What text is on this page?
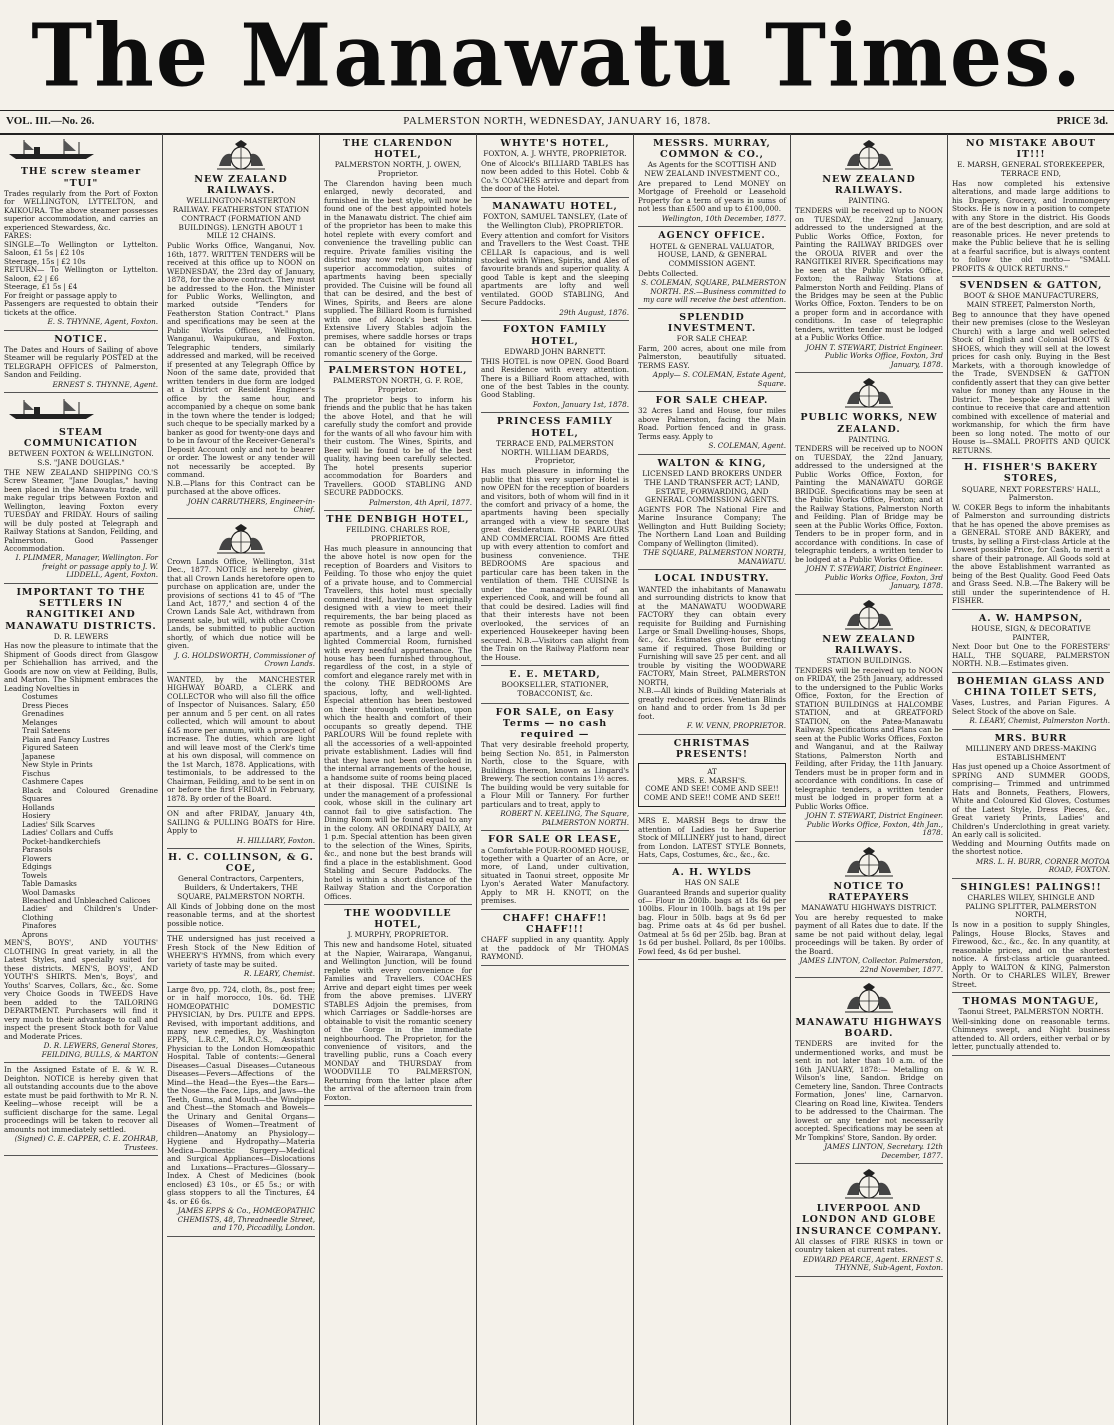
The Manawatu Times.
VOL. III.—No. 26.	PALMERSTON NORTH, WEDNESDAY, JANUARY 16, 1878.	PRICE 3d.
THE screw steamer "TUI"
Trades regularly from the Port of Foxton for WELLINGTON, LYTTELTON, and KAIKOURA. The above steamer possesses superior accommodation, and carries an experienced Stewardess, &c.
FARES:
SINGLE—To Wellington or Lyttelton. Saloon, £1 5s | £2 10s
Steerage, 15s | £2 10s
RETURN— To Wellington or Lyttelton. Saloon, £2 | £6
Steerage, £1 5s | £4
For freight or passage apply to
Passengers are requested to obtain their tickets at the office.
E. S. THYNNE, Agent, Foxton.
NOTICE.
The Dates and Hours of Sailing of above Steamer will be regularly POSTED at the TELEGRAPH OFFICES of Palmerston, Sandon and Feilding.
ERNEST S. THYNNE, Agent.
STEAM COMMUNICATION
BETWEEN FOXTON & WELLINGTON. S.S. "JANE DOUGLAS."
THE NEW ZEALAND SHIPPING CO.'S Screw Steamer, "Jane Douglas," having been placed in the Manawatu trade, will make regular trips between Foxton and Wellington, leaving Foxton every TUESDAY and FRIDAY. Hours of sailing will be duly posted at Telegraph and Railway Stations at Sandon, Feilding, and Palmerston. Good Passenger Accommodation.
I. PLIMMER, Manager, Wellington. For freight or passage apply to J. W. LIDDELL, Agent, Foxton.
IMPORTANT TO THE SETTLERS IN RANGITIKEI AND MANAWATU DISTRICTS.
D. R. LEWERS
Has now the pleasure to intimate that the Shipment of Goods direct from Glasgow per Schiehallion has arrived, and the Goods are now on view at Feilding, Bulls, and Marton. The Shipment embraces the Leading Novelties in
Costumes
Dress Pieces
Grenadines
Melanges
Trail Sateens
Plain and Fancy Lustres
Figured Sateen
Japanese
New Style in Prints
Fischus
Cashmere Capes
Black and Coloured Grenadine Squares
Hollands
Hosiery
Ladies' Silk Scarves
Ladies' Collars and Cuffs
Pocket-handkerchiefs
Parasols
Flowers
Edgings
Towels
Table Damasks
Wool Damasks
Bleached and Unbleached Calicoes
Ladies' and Children's Under-Clothing
Pinafores
Aprons
MEN'S, BOYS', AND YOUTHS' CLOTHING In great variety, in all the Latest Styles, and specially suited for these districts. MEN'S, BOYS', AND YOUTH'S SHIRTS. Men's, Boys', and Youths' Scarves, Collars, &c., &c. Some very Choice Goods in TWEEDS Have been added to the TAILORING DEPARTMENT. Purchasers will find it very much to their advantage to call and inspect the present Stock both for Value and Moderate Prices.
D. R. LEWERS, General Stores, FEILDING, BULLS, & MARTON
In the Assigned Estate of E. & W. R. Deighton. NOTICE is hereby given that all outstanding accounts due to the above estate must be paid forthwith to Mr R. N. Keeling—whose receipt will be a sufficient discharge for the same. Legal proceedings will be taken to recover all amounts not immediately settled.
(Signed) C. E. CAPPER, C. E. ZOHRAB, Trustees.
NEW ZEALAND RAILWAYS.
WELLINGTON-MASTERTON RAILWAY. FEATHERSTON STATION CONTRACT (FORMATION AND BUILDINGS). LENGTH ABOUT 1 MILE 12 CHAINS.
Public Works Office, Wanganui, Nov. 16th, 1877. WRITTEN TENDERS will be received at this office up to NOON on WEDNESDAY, the 23rd day of January, 1878, for the above contract. They must be addressed to the Hon. the Minister for Public Works, Wellington, and marked outside "Tenders for Featherston Station Contract." Plans and specifications may be seen at the Public Works Offices, Wellington, Wanganui, Waipukurau, and Foxton. Telegraphic tenders, similarly addressed and marked, will be received if presented at any Telegraph Office by Noon of the same date, provided that written tenders in due form are lodged at a District or Resident Engineer's office by the same hour, and accompanied by a cheque on some bank in the town where the tender is lodged; such cheque to be specially marked by a banker as good for twenty-one days and to be in favour of the Receiver-General's Deposit Account only and not to bearer or order. The lowest or any tender will not necessarily be accepted. By command.
N.B.—Plans for this Contract can be purchased at the above offices.
JOHN CARRUTHERS, Engineer-in-Chief.
Crown Lands Office, Wellington, 31st Dec., 1877. NOTICE is hereby given, that all Crown Lands heretofore open to purchase on application are, under the provisions of sections 41 to 45 of "The Land Act, 1877," and section 4 of the Crown Lands Sale Act, withdrawn from present sale, but will, with other Crown Lands, be submitted to public auction shortly, of which due notice will be given.
J. G. HOLDSWORTH, Commissioner of Crown Lands.
WANTED, by the MANCHESTER HIGHWAY BOARD, a CLERK and COLLECTOR who will also fill the office of Inspector of Nuisances. Salary, £50 per annum and 5 per cent. on all rates collected, which will amount to about £45 more per annum, with a prospect of increase. The duties, which are light and will leave most of the Clerk's time at his own disposal, will commence on the 1st March, 1878. Applications, with testimonials, to be addressed to the Chairman, Feilding, and to be sent in on or before the first FRIDAY in February, 1878. By order of the Board.
ON and after FRIDAY, January 4th, SAILING & PULLING BOATS for Hire. Apply to
H. HILLIARY, Foxton.
H. C. COLLINSON, & G. COE,
General Contractors, Carpenters, Builders, & Undertakers, THE SQUARE, PALMERSTON NORTH.
All Kinds of Jobbing done on the most reasonable terms, and at the shortest possible notice.
THE undersigned has just received a Fresh Stock of the New Edition of WHEERY'S HYMNS, from which every variety of taste may be suited.
R. LEARY, Chemist.
Large 8vo, pp. 724, cloth, 8s., post free; or in half morocco, 10s. 6d. THE HOMŒOPATHIC DOMESTIC PHYSICIAN, by Drs. PULTE and EPPS. Revised, with important additions, and many new remedies, by Washington EPPS, L.R.C.P., M.R.C.S., Assistant Physician to the London Homœopathic Hospital. Table of contents:—General Diseases—Casual Diseases—Cutaneous Diseases—Fevers—Affections of the Mind—the Head—the Eyes—the Ears—the Nose—the Face, Lips, and Jaws—the Teeth, Gums, and Mouth—the Windpipe and Chest—the Stomach and Bowels—the Urinary and Genital Organs—Diseases of Women—Treatment of children—Anatomy an Physiology—Hygiene and Hydropathy—Materia Medica—Domestic Surgery—Medical and Surgical Appliances—Dislocations and Luxations—Fractures—Glossary—Index. A Chest of Medicines (book enclosed) £3 10s., or £5 5s.; or with glass stoppers to all the Tinctures, £4 4s. or £6 6s.
JAMES EPPS & Co., HOMŒOPATHIC CHEMISTS, 48, Threadneedle Street, and 170, Piccadilly, London.
THE CLARENDON HOTEL,
PALMERSTON NORTH, J. OWEN, Proprietor.
The Clarendon having been much enlarged, newly decorated, and furnished in the best style, will now be found one of the best appointed hotels in the Manawatu district. The chief aim of the proprietor has been to make this hotel replete with every comfort and convenience the travelling public can require. Private families visiting the district may now rely upon obtaining superior accommodation, suites of apartments having been specially provided. The Cuisine will be found all that can be desired, and the best of Wines, Spirits, and Beers are alone supplied. The Billiard Room is furnished with one of Alcock's best Tables. Extensive Livery Stables adjoin the premises, where saddle horses or traps can be obtained for visiting the romantic scenery of the Gorge.
PALMERSTON HOTEL,
PALMERSTON NORTH, G. F. ROE, Proprietor.
The proprietor begs to inform his friends and the public that he has taken the above Hotel, and that he will carefully study the comfort and provide for the wants of all who favour him with their custom. The Wines, Spirits, and Beer will be found to be of the best quality, having been carefully selected. The hotel presents superior accommodation for Boarders and Travellers. GOOD STABLING AND SECURE PADDOCKS.
Palmerston, 4th April, 1877.
THE DENBIGH HOTEL,
FEILDING. CHARLES ROE, PROPRIETOR,
Has much pleasure in announcing that the above hotel is now open for the reception of Boarders and Visitors to Feilding. To those who enjoy the quiet of a private house, and to Commercial Travellers, this hotel must specially commend itself, having been originally designed with a view to meet their requirements, the bar being placed as remote as possible from the private apartments, and a large and well-lighted Commercial Room, furnished with every needful appurtenance. The house has been furnished throughout, regardless of the cost, in a style of comfort and elegance rarely met with in the colony. THE BEDROOMS Are spacious, lofty, and well-lighted. Especial attention has been bestowed on their thorough ventilation, upon which the health and comfort of their occupants so greatly depend. THE PARLOURS Will be found replete with all the accessories of a well-appointed private establishment. Ladies will find that they have not been overlooked in the internal arrangements of the house, a handsome suite of rooms being placed at their disposal. THE CUISINE Is under the management of a professional cook, whose skill in the culinary art cannot fail to give satisfaction. The Dining Room will be found equal to any in the colony. AN ORDINARY DAILY, At 1 p.m. Special attention has been given to the selection of the Wines, Spirits, &c., and none but the best brands will find a place in the establishment. Good Stabling and Secure Paddocks. The hotel is within a short distance of the Railway Station and the Corporation Offices.
THE WOODVILLE HOTEL,
J. MURPHY, PROPRIETOR.
This new and handsome Hotel, situated at the Napier, Wairarapa, Wanganui, and Wellington Junction, will be found replete with every convenience for Families and Travellers. COACHES Arrive and depart eight times per week from the above premises. LIVERY STABLES Adjoin the premises, from which Carriages or Saddle-horses are obtainable to visit the romantic scenery of the Gorge in the immediate neighbourhood. The Proprietor, for the convenience of visitors, and the travelling public, runs a Coach every MONDAY and THURSDAY from WOODVILLE TO PALMERSTON, Returning from the latter place after the arrival of the afternoon train from Foxton.
WHYTE'S HOTEL,
FOXTON, A. J. WHYTE, PROPRIETOR.
One of Alcock's BILLIARD TABLES has now been added to this Hotel. Cobb & Co.'s COACHES arrive and depart from the door of the Hotel.
MANAWATU HOTEL,
FOXTON, SAMUEL TANSLEY, (Late of the Wellington Club), PROPRIETOR.
Every attention and comfort for Visitors and Travellers to the West Coast. THE CELLAR Is capacious, and is well stocked with Wines, Spirits, and Ales of favourite brands and superior quality. A good Table is kept and the sleeping apartments are lofty and well ventilated. GOOD STABLING, And Secure Paddocks.
29th August, 1876.
FOXTON FAMILY HOTEL,
EDWARD JOHN BARNETT.
THIS HOTEL is now OPEN. Good Board and Residence with every attention. There is a Billiard Room attached, with one of the best Tables in the county. Good Stabling.
Foxton, January 1st, 1878.
PRINCESS FAMILY HOTEL,
TERRACE END, PALMERSTON NORTH. WILLIAM DEARDS, Proprietor,
Has much pleasure in informing the public that this very superior Hotel is now OPEN for the reception of boarders and visitors, both of whom will find in it the comfort and privacy of a home, the apartments having been specially arranged with a view to secure that great desideratum. THE PARLOURS AND COMMERCIAL ROOMS Are fitted up with every attention to comfort and business convenience. THE BEDROOMS Are spacious and particular care has been taken in the ventilation of them. THE CUISINE Is under the management of an experienced Cook, and will be found all that could be desired. Ladies will find that their interests have not been overlooked, the services of an experienced Housekeeper having been secured. N.B.—Visitors can alight from the Train on the Railway Platform near the House.
E. E. METARD,
BOOKSELLER, STATIONER, TOBACCONIST, &c.
FOR SALE, on Easy Terms — no cash required —
That very desirable freehold property, being Section No. 851, in Palmerston North, close to the Square, with Buildings thereon, known as Lingard's Brewery. The section contains 1½ acres. The building would be very suitable for a Flour Mill or Tannery. For further particulars and to treat, apply to
ROBERT N. KEELING, The Square, PALMERSTON NORTH.
FOR SALE OR LEASE,
a Comfortable FOUR-ROOMED HOUSE, together with a Quarter of an Acre, or more, of Land, under cultivation, situated in Taonui street, opposite Mr Lyon's Aerated Water Manufactory. Apply to MR H. KNOTT, on the premises.
CHAFF! CHAFF!! CHAFF!!!
CHAFF supplied in any quantity. Apply at the paddock of Mr THOMAS RAYMOND.
MESSRS. MURRAY, COMMON & CO.,
As Agents for the SCOTTISH AND NEW ZEALAND INVESTMENT CO.,
Are prepared to Lend MONEY on Mortgage of Freehold or Leasehold Property for a term of years in sums of not less than £500 and up to £100,000.
Wellington, 10th December, 1877.
AGENCY OFFICE.
HOTEL & GENERAL VALUATOR, HOUSE, LAND, & GENERAL COMMISSION AGENT.
Debts Collected.
S. COLEMAN, SQUARE, PALMERSTON NORTH. P.S.—Business committed to my care will receive the best attention.
SPLENDID INVESTMENT.
FOR SALE CHEAP.
Farm, 200 acres, about one mile from Palmerston, beautifully situated. TERMS EASY.
Apply— S. COLEMAN, Estate Agent, Square.
FOR SALE CHEAP.
32 Acres Land and House, four miles above Palmerston, facing the Main Road. Portion fenced and in grass. Terms easy. Apply to
S. COLEMAN, Agent.
WALTON & KING,
LICENSED LAND BROKERS UNDER THE LAND TRANSFER ACT; LAND, ESTATE, FORWARDING, AND GENERAL COMMISSION AGENTS.
AGENTS FOR The National Fire and Marine Insurance Company; The Wellington and Hutt Building Society; The Northern Land Loan and Building Company of Wellington (limited).
THE SQUARE, PALMERSTON NORTH, MANAWATU.
LOCAL INDUSTRY.
WANTED the inhabitants of Manawatu and surrounding districts to know that at the MANAWATU WOODWARE FACTORY they can obtain every requisite for Building and Furnishing Large or Small Dwelling-houses, Shops, &c., &c. Estimates given for erecting same if required. Those Building or Furnishing will save 25 per cent. and all trouble by visiting the WOODWARE FACTORY, Main Street, PALMERSTON NORTH,
N.B.—All kinds of Building Materials at greatly reduced prices. Venetian Blinds on hand and to order from 1s 3d per foot.
F. W. VENN, PROPRIETOR.
CHRISTMAS PRESENTS!
AT
MRS. E. MARSH'S.
COME AND SEE! COME AND SEE!!
COME AND SEE!! COME AND SEE!!
MRS E. MARSH Begs to draw the attention of Ladies to her Superior Stock of MILLINERY just to hand, direct from London. LATEST STYLE Bonnets, Hats, Caps, Costumes, &c., &c., &c.
A. H. WYLDS
HAS ON SALE
Guaranteed Brands and superior quality of— Flour in 200lb. bags at 18s 6d per 100lbs. Flour in 100lb. bags at 19s per bag. Flour in 50lb. bags at 9s 6d per bag. Prime oats at 4s 6d per bushel. Oatmeal at 5s 6d per 25lb. bag. Bran at 1s 6d per bushel. Pollard, 8s per 100lbs. Fowl feed, 4s 6d per bushel.
NEW ZEALAND RAILWAYS.
PAINTING.
TENDERS will be received up to NOON on TUESDAY, the 22nd January, addressed to the undersigned at the Public Works Office, Foxton, for Painting the RAILWAY BRIDGES over the OROUA RIVER and over the RANGITIKEI RIVER. Specifications may be seen at the Public Works Office, Foxton; the Railway Stations at Palmerston North and Feilding. Plans of the Bridges may be seen at the Public Works Office, Foxton. Tenders to be on a proper form and in accordance with conditions. In case of telegraphic tenders, written tender must be lodged at a Public Works Office.
JOHN T. STEWART, District Engineer. Public Works Office, Foxton, 3rd January, 1878.
PUBLIC WORKS, NEW ZEALAND.
PAINTING.
TENDERS will be received up to NOON on TUESDAY, the 22nd January, addressed to the undersigned at the Public Works Office, Foxton, for Painting the MANAWATU GORGE BRIDGE. Specifications may be seen at the Public Works Office, Foxton; and at the Railway Stations, Palmerston North and Feilding. Plan of Bridge may be seen at the Public Works Office, Foxton. Tenders to be in proper form, and in accordance with conditions. In case of telegraphic tenders, a written tender to be lodged at a Public Works Office.
JOHN T. STEWART, District Engineer. Public Works Office, Foxton, 3rd January, 1878.
NEW ZEALAND RAILWAYS.
STATION BUILDINGS.
TENDERS will be received up to NOON on FRIDAY, the 25th January, addressed to the undersigned to the Public Works Office, Foxton, for the Erection of STATION BUILDINGS at HALCOMBE STATION, and at GREATFORD STATION, on the Patea-Manawatu Railway. Specifications and Plans can be seen at the Public Works Offices, Foxton and Wanganui, and at the Railway Stations, Palmerston North and Feilding, after Friday, the 11th January. Tenders must be in proper form and in accordance with conditions. In case of telegraphic tenders, a written tender must be lodged in proper form at a Public Works Office.
JOHN T. STEWART, District Engineer. Public Works Office, Foxton, 4th Jan., 1878.
NOTICE TO RATEPAYERS
MANAWATU HIGHWAYS DISTRICT.
You are hereby requested to make payment of all Rates due to date. If the same be not paid without delay, legal proceedings will be taken. By order of the Board.
JAMES LINTON, Collector. Palmerston, 22nd November, 1877.
MANAWATU HIGHWAYS BOARD.
TENDERS are invited for the undermentioned works, and must be sent in not later than 10 a.m. of the 16th JANUARY, 1878:— Metalling on Wilson's line, Sandon. Bridge on Cemetery line, Sandon. Three Contracts Formation, Jones' line, Carnarvon. Clearing on Road line, Kiwitea. Tenders to be addressed to the Chairman. The lowest or any tender not necessarily accepted. Specifications may be seen at Mr Tompkins' Store, Sandon. By order.
JAMES LINTON, Secretary. 12th December, 1877.
LIVERPOOL AND LONDON AND GLOBE INSURANCE COMPANY.
All classes of FIRE RISKS in town or country taken at current rates.
EDWARD PEARCE, Agent. ERNEST S. THYNNE, Sub-Agent, Foxton.
NO MISTAKE ABOUT IT!!!
E. MARSH, GENERAL STOREKEEPER, TERRACE END,
Has now completed his extensive alterations, and made large additions to his Drapery, Grocery, and Ironmongery Stocks. He is now in a position to compete with any Store in the district. His Goods are of the best description, and are sold at reasonable prices. He never pretends to make the Public believe that he is selling at a fearful sacrifice, but is always content to follow the old motto— "SMALL PROFITS & QUICK RETURNS."
SVENDSEN & GATTON,
BOOT & SHOE MANUFACTURERS, MAIN STREET, Palmerston North,
Beg to announce that they have opened their new premises (close to the Wesleyan Church) with a large and well selected Stock of English and Colonial BOOTS & SHOES, which they will sell at the lowest prices for cash only. Buying in the Best Markets, with a thorough knowledge of the Trade, SVENDSEN & GATTON confidently assert that they can give better value for money than any House in the District. The bespoke department will continue to receive that care and attention combined with excellence of material and workmanship, for which the firm have been so long noted. The motto of our House is—SMALL PROFITS AND QUICK RETURNS.
H. FISHER'S BAKERY STORES,
SQUARE, NEXT FORESTERS' HALL, Palmerston.
W. COKER Begs to inform the inhabitants of Palmerston and surrounding districts that he has opened the above premises as a GENERAL STORE AND BAKERY, and trusts, by selling a First-class Article at the Lowest possible Price, for Cash, to merit a share of their patronage. All Goods sold at the above Establishment warranted as being of the Best Quality. Good Feed Oats and Grass Seed. N.B.—The Bakery will be still under the superintendence of H. FISHER.
A. W. HAMPSON,
HOUSE, SIGN, & DECORATIVE PAINTER,
Next Door but One to the FORESTERS' HALL, THE SQUARE, PALMERSTON NORTH. N.B.—Estimates given.
BOHEMIAN GLASS AND CHINA TOILET SETS,
Vases, Lustres, and Parian Figures. A Select Stock of the above on Sale.
R. LEARY, Chemist, Palmerston North.
MRS. BURR
MILLINERY AND DRESS-MAKING ESTABLISHMENT
Has just opened up a Choice Assortment of SPRING AND SUMMER GOODS, comprising— Trimmed and untrimmed Hats and Bonnets, Feathers, Flowers, White and Coloured Kid Gloves, Costumes of the Latest Style, Dress Pieces, &c., Great variety Prints, Ladies' and Children's Underclothing in great variety. An early call is solicited.
Wedding and Mourning Outfits made on the shortest notice.
MRS. L. H. BURR, CORNER MOTOA ROAD, FOXTON.
SHINGLES! PALINGS!!
CHARLES WILEY, SHINGLE AND PALING SPLITTER, PALMERSTON NORTH,
Is now in a position to supply Shingles, Palings, House Blocks, Staves and Firewood, &c., &c., &c. In any quantity, at reasonable prices, and on the shortest notice. A first-class article guaranteed. Apply to WALTON & KING, Palmerston North. Or to CHARLES WILEY, Brewer Street.
THOMAS MONTAGUE,
Taonui Street, PALMERSTON NORTH.
Well-sinking done on reasonable terms. Chimneys swept, and Night business attended to. All orders, either verbal or by letter, punctually attended to.
